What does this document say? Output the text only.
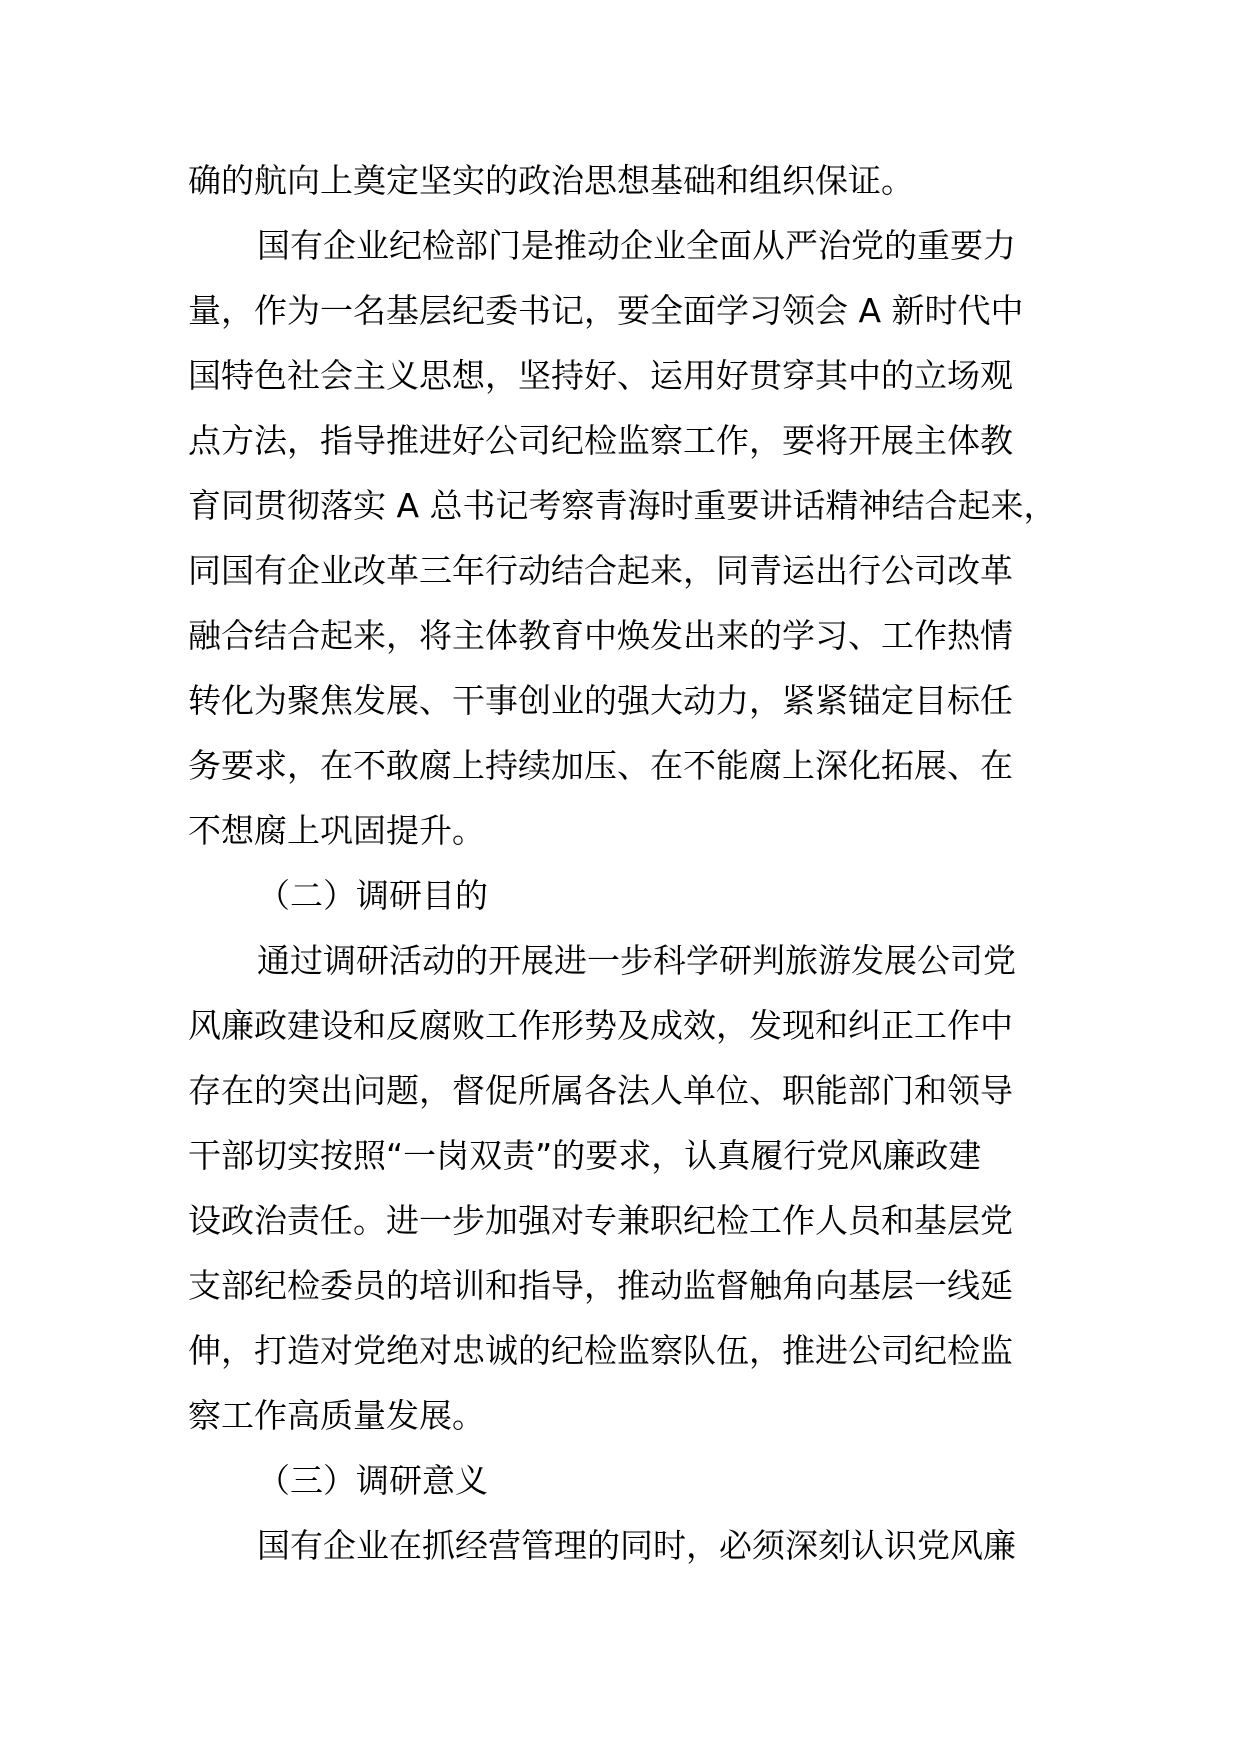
确的航向上奠定坚实的政治思想基础和组织保证。
国有企业纪检部门是推动企业全面从严治党的重要力
量，作为一名基层纪委书记，要全面学习领会 A 新时代中
国特色社会主义思想，坚持好、运用好贯穿其中的立场观
点方法，指导推进好公司纪检监察工作，要将开展主体教
育同贯彻落实 A 总书记考察青海时重要讲话精神结合起来，
同国有企业改革三年行动结合起来，同青运出行公司改革
融合结合起来，将主体教育中焕发出来的学习、工作热情
转化为聚焦发展、干事创业的强大动力，紧紧锚定目标任
务要求，在不敢腐上持续加压、在不能腐上深化拓展、在
不想腐上巩固提升。
（二）调研目的
通过调研活动的开展进一步科学研判旅游发展公司党
风廉政建设和反腐败工作形势及成效，发现和纠正工作中
存在的突出问题，督促所属各法人单位、职能部门和领导
干部切实按照“一岗双责”的要求，认真履行党风廉政建
设政治责任。进一步加强对专兼职纪检工作人员和基层党
支部纪检委员的培训和指导，推动监督触角向基层一线延
伸，打造对党绝对忠诚的纪检监察队伍，推进公司纪检监
察工作高质量发展。
（三）调研意义
国有企业在抓经营管理的同时，必须深刻认识党风廉
